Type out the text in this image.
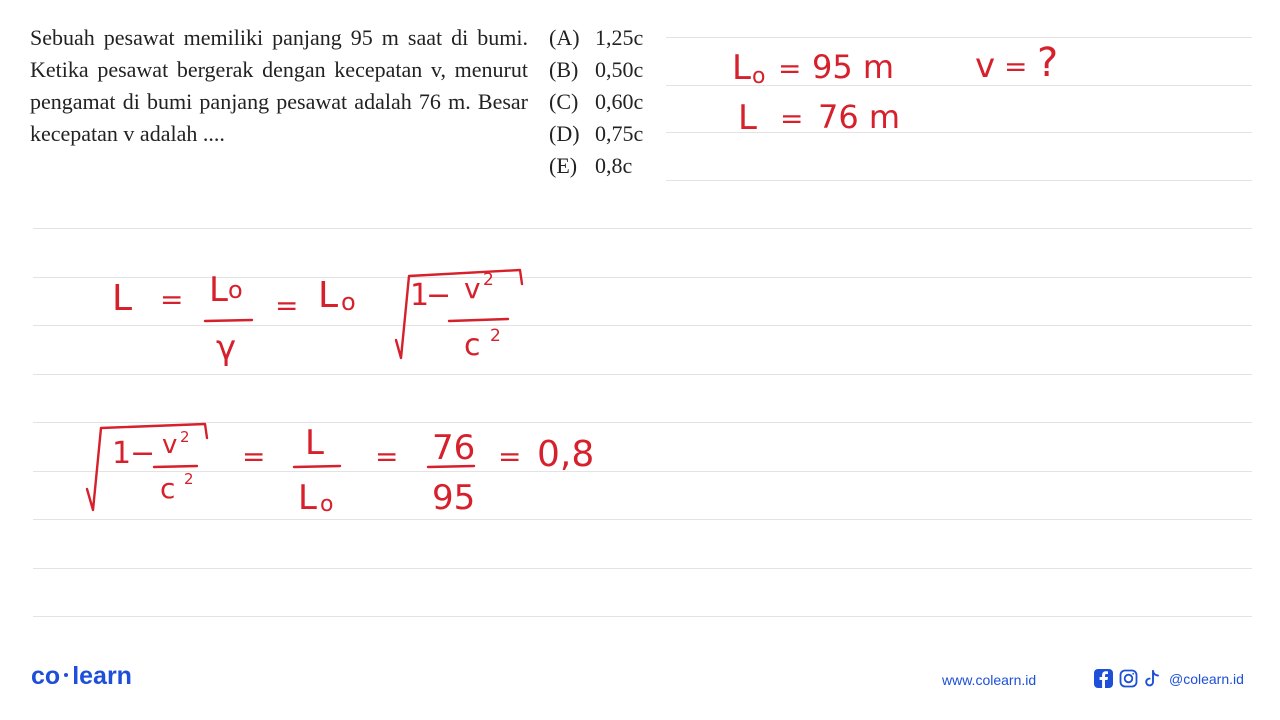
Sebuah pesawat memiliki panjang 95 m saat di bumi. Ketika pesawat bergerak dengan kecepatan v, menurut pengamat di bumi panjang pesawat adalah 76 m. Besar kecepatan v adalah ....
(A) 1,25c
(B) 0,50c
(C) 0,60c
(D) 0,75c
(E) 0,8c
L o = 95 m v = ?
L = 76 m
L = L o
γ
= L o 1
− v 2
c 2
1
− v 2
c 2
= L
L o
= 76
95
= 0,8
co learn	www.colearn.id	@colearn.id
